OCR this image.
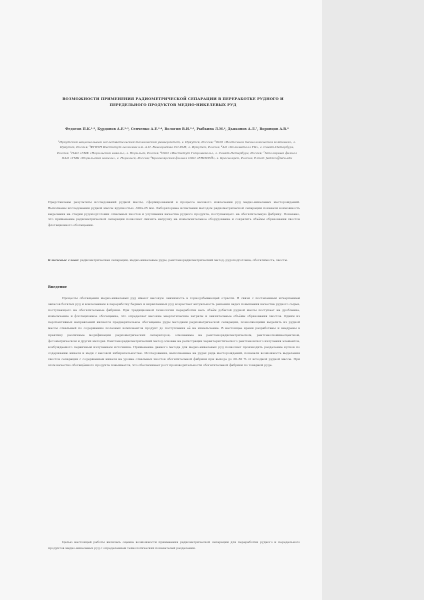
ВОЗМОЖНОСТИ ПРИМЕНЕНИЯ РАДИОМЕТРИЧЕСКОЙ СЕПАРАЦИИ В ПЕРЕРАБОТКЕ РУДНОГО И ПЕРЕДЕЛЬНОГО ПРОДУКТОВ МЕДНО-НИКЕЛЕВЫХ РУД
Федотов П.К.¹·², Бурдонов А.Е.²·³, Сенченко А.Е.²·⁴, Вологин В.И.²·⁵, Рыбкина Л.М.⁶, Дьяконов А.Л.⁷, Воронцов А.В.⁸
¹Иркутский национальный исследовательский технический университет, г. Иркутск, Россия; ²ООО «Восточная технологическая компания», г. Иркутск, Россия; ³ФГБУН Институт геохимии им. А.П. Виноградова СО РАН, г. Иркутск, Россия; ⁴АО «Полиметалл УК», г. Санкт-Петербург, Россия; ⁵ПАО «ГМК «Норильский никель», г. Норильск, Россия; ⁶ООО «Институт Гипроникель», г. Санкт-Петербург, Россия; ⁷Заполярный филиал ПАО «ГМК «Норильский никель», г. Норильск, Россия; ⁸Красноярский филиал ООО «ЕНИСЕЙ», г. Красноярск, Россия; E-mail: fedotov@istu.edu
Представлены результаты исследований рудной массы, сформированной в процессе валового извлечения руд медно-никелевых месторождений. Выполнены исследования рудной массы крупностью -300+25 мм. Лабораторные испытания методом радиометрической сепарации показали возможность выделения на стадии рудоподготовки отвальных хвостов и улучшения качества рудного продукта, поступающего на обогатительную фабрику. Показано, что применение радиометрической сепарации позволяет снизить нагрузку на измельчительное оборудование и сократить объёмы образования хвостов флотационного обогащения.
Ключевые слова: радиометрическая сепарация, медно-никелевые руды, рентгенорадиометрический метод, рудоподготовка, обогатимость, хвосты.
Введение
Процессы обогащения медно-никелевых руд имеют высокую значимость в горнодобывающей отрасли. В связи с постепенным исчерпанием запасов богатых руд и вовлечением в переработку бедных и вкрапленных руд возрастает актуальность решения задач повышения качества рудного сырья, поступающего на обогатительные фабрики. При традиционной технологии переработки весь объём добытой рудной массы поступает на дробление, измельчение и флотационное обогащение, что определяет высокие энергетические затраты и значительные объёмы образования хвостов. Одним из перспективных направлений является предварительное обогащение руды методами радиометрической сепарации, позволяющими выделить из рудной массы отвальный по содержанию полезных компонентов продукт до поступления её на измельчение. В настоящее время разработаны и внедрены в практику различные модификации радиометрических сепараторов, основанные на рентгенорадиометрическом, рентгенолюминесцентном, фотометрическом и других методах. Рентгенорадиометрический метод основан на регистрации характеристического рентгеновского излучения элементов, возбуждаемого первичным излучением источника. Применение данного метода для медно-никелевых руд позволяет производить разделение кусков по содержанию никеля и меди с высокой избирательностью. Исследования, выполненные на рудах ряда месторождений, показали возможность выделения хвостов сепарации с содержанием никеля на уровне отвальных хвостов обогатительной фабрики при выходе до 20–30 % от исходной рудной массы. При этом качество обогащённого продукта повышается, что обеспечивает рост производительности обогатительной фабрики по товарной руде.
Целью настоящей работы являлась оценка возможности применения радиометрической сепарации для переработки рудного и передельного продуктов медно-никелевых руд с определением технологических показателей разделения.
